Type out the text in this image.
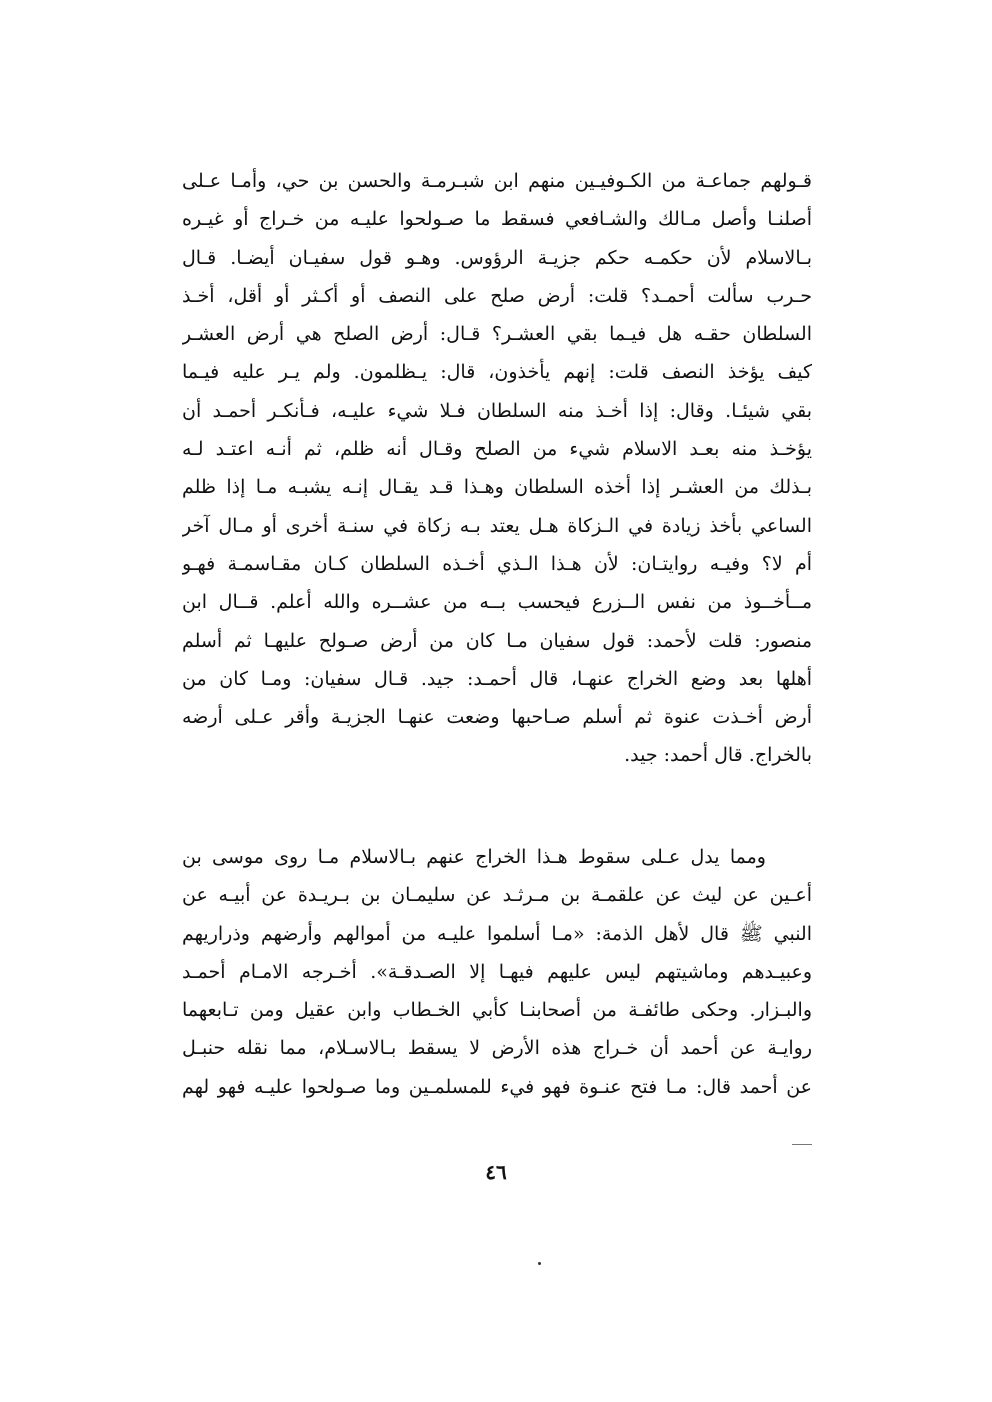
قـولهم جماعـة من الكـوفيـين منهم ابن شبـرمـة والحسن بن حي، وأمـا عـلى
أصلنـا وأصل مـالك والشـافعي فسقط ما صـولحوا عليـه من خـراج أو غيـره
بـالاسلام لأن حكمـه حكم جزيـة الرؤوس. وهـو قول سفيـان أيضـا. قـال
حـرب سألت أحمـد؟ قلت: أرض صلح على النصف أو أكـثر أو أقل، أخـذ
السلطان حقـه هل فيـما بقي العشـر؟ قـال: أرض الصلح هي أرض العشـر
كيف يؤخذ النصف قلت: إنهم يأخذون، قال: يـظلمون. ولم يـر عليه فيـما
بقي شيئـا. وقال: إذا أخـذ منه السلطان فـلا شيء عليـه، فـأنكـر أحمـد أن
يؤخـذ منه بعـد الاسلام شيء من الصلح وقـال أنه ظلم، ثم أنـه اعتـد لـه
بـذلك من العشـر إذا أخذه السلطان وهـذا قـد يقـال إنـه يشبـه مـا إذا ظلم
الساعي بأخذ زيادة في الـزكاة هـل يعتد بـه زكاة في سنـة أخرى أو مـال آخر
أم لا؟ وفيـه روايتـان: لأن هـذا الـذي أخـذه السلطان كـان مقـاسمـة فهـو
مــأخــوذ من نفس الــزرع فيحسب بــه من عشــره والله أعلم. قــال ابن
منصور: قلت لأحمد: قول سفيان مـا كان من أرض صـولح عليهـا ثم أسلم
أهلها بعد وضع الخراج عنهـا، قال أحمـد: جيد. قـال سفيان: ومـا كان من
أرض أخـذت عنوة ثم أسلم صـاحبها وضعت عنهـا الجزيـة وأقر عـلى أرضه
بالخراج. قال أحمد: جيد.
ومما يدل عـلى سقوط هـذا الخراج عنهم بـالاسلام مـا روى موسى بن
أعـين عن ليث عن علقمـة بن مـرثـد عن سليمـان بن بـريـدة عن أبيـه عن
النبي ﷺ قال لأهل الذمة: «مـا أسلموا عليـه من أموالهم وأرضهم وذراريهم
وعبيـدهم وماشيتهم ليس عليهم فيهـا إلا الصـدقـة». أخـرجه الامـام أحمـد
والبـزار. وحكى طائفـة من أصحابنـا كأبي الخـطاب وابن عقيل ومن تـابعهما
روايـة عن أحمد أن خـراج هذه الأرض لا يسقط بـالاسـلام، مما نقله حنبـل
عن أحمد قال: مـا فتح عنـوة فهو فيء للمسلمـين وما صـولحوا عليـه فهو لهم
٤٦
